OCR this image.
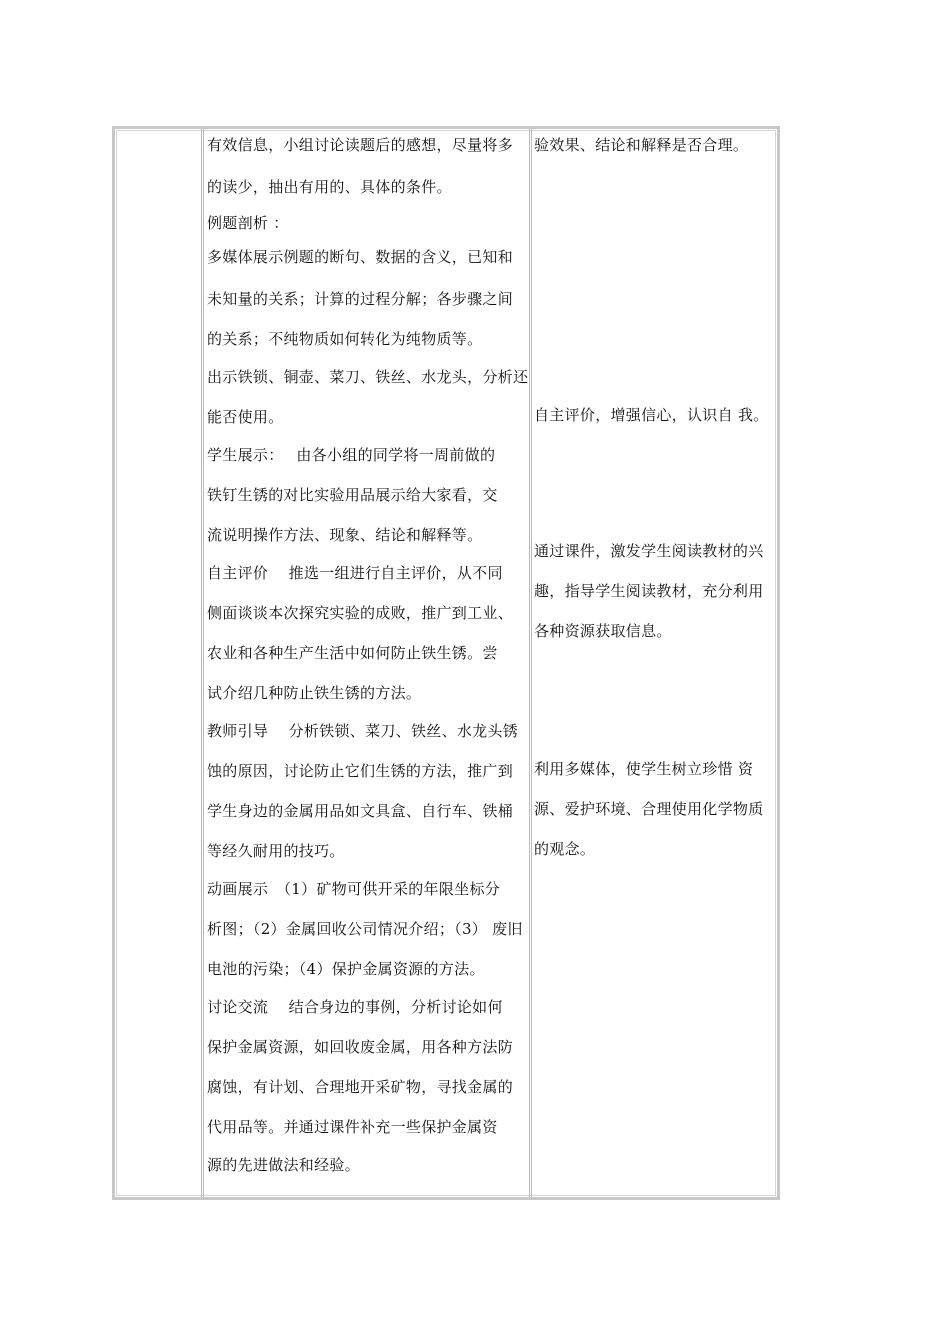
有效信息，小组讨论读题后的感想，尽量将多
的读少，抽出有用的、具体的条件。
例题剖析 ：
多媒体展示例题的断句、数据的含义，已知和
未知量的关系；计算的过程分解；各步骤之间
的关系；不纯物质如何转化为纯物质等。
出示铁锁、铜壶、菜刀、铁丝、水龙头，分析还
能否使用。
学生展示：　 由各小组的同学将一周前做的
铁钉生锈的对比实验用品展示给大家看，交
流说明操作方法、现象、结论和解释等。
自主评价　 推选一组进行自主评价，从不同
侧面谈谈本次探究实验的成败，推广到工业、
农业和各种生产生活中如何防止铁生锈。尝
试介绍几种防止铁生锈的方法。
教师引导　 分析铁锁、菜刀、铁丝、水龙头锈
蚀的原因，讨论防止它们生锈的方法，推广到
学生身边的金属用品如文具盒、自行车、铁桶
等经久耐用的技巧。
动画展示　（1）矿物可供开采的年限坐标分
析图；（2）金属回收公司情况介绍；（3） 废旧
电池的污染；（4）保护金属资源的方法。
讨论交流　 结合身边的事例，分析讨论如何
保护金属资源，如回收废金属，用各种方法防
腐蚀，有计划、合理地开采矿物，寻找金属的
代用品等。并通过课件补充一些保护金属资
源的先进做法和经验。
验效果、结论和解释是否合理。
自主评价，增强信心，认识自 我。
通过课件，激发学生阅读教材的兴
趣，指导学生阅读教材，充分利用
各种资源获取信息。
利用多媒体，使学生树立珍惜 资
源、爱护环境、合理使用化学物质
的观念。
